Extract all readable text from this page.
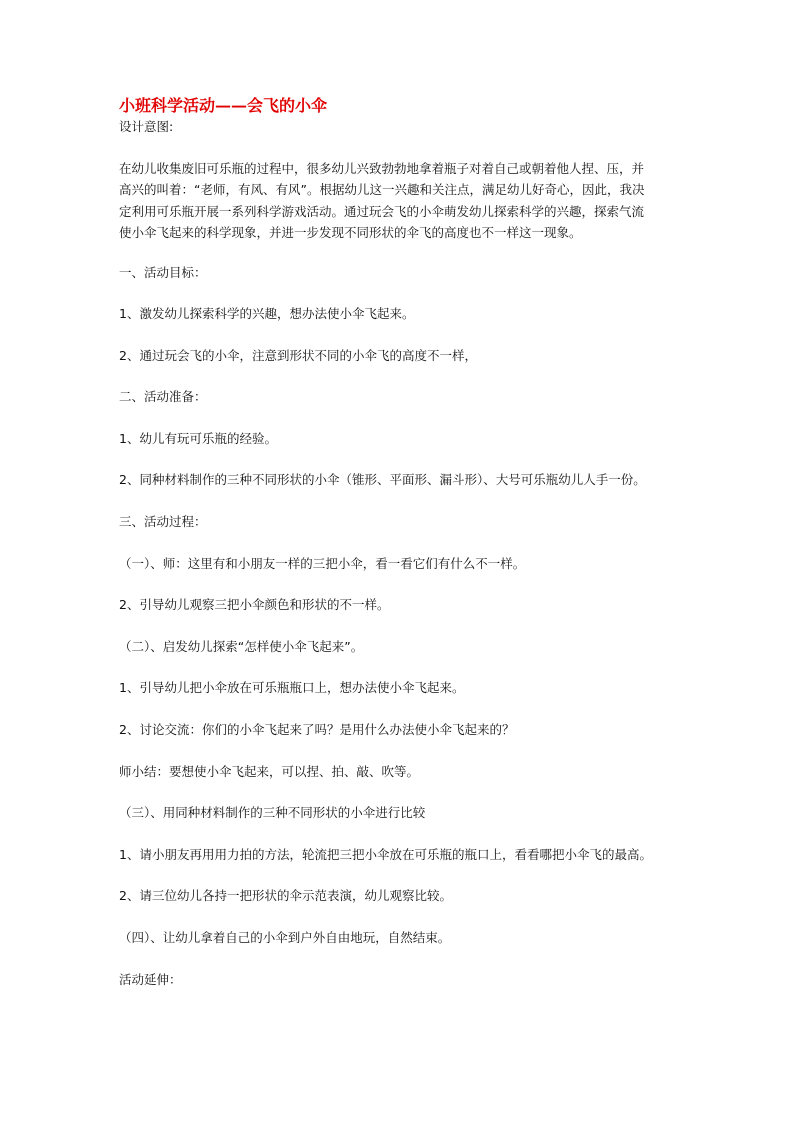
小班科学活动——会飞的小伞

设计意图:

在幼儿收集废旧可乐瓶的过程中，很多幼儿兴致勃勃地拿着瓶子对着自己或朝着他人捏、压，并

高兴的叫着：“老师，有风、有风”。根据幼儿这一兴趣和关注点，满足幼儿好奇心，因此，我决

定利用可乐瓶开展一系列科学游戏活动。通过玩会飞的小伞萌发幼儿探索科学的兴趣，探索气流

使小伞飞起来的科学现象，并进一步发现不同形状的伞飞的高度也不一样这一现象。

一、活动目标：

1、激发幼儿探索科学的兴趣，想办法使小伞飞起来。

2、通过玩会飞的小伞，注意到形状不同的小伞飞的高度不一样，

二、活动准备：

1、幼儿有玩可乐瓶的经验。

2、同种材料制作的三种不同形状的小伞（锥形、平面形、漏斗形）、大号可乐瓶幼儿人手一份。

三、活动过程：

（一）、师：这里有和小朋友一样的三把小伞，看一看它们有什么不一样。

2、引导幼儿观察三把小伞颜色和形状的不一样。

（二）、启发幼儿探索“怎样使小伞飞起来”。

1、引导幼儿把小伞放在可乐瓶瓶口上，想办法使小伞飞起来。

2、讨论交流：你们的小伞飞起来了吗？是用什么办法使小伞飞起来的？

师小结：要想使小伞飞起来，可以捏、拍、敲、吹等。

（三）、用同种材料制作的三种不同形状的小伞进行比较

1、请小朋友再用用力拍的方法，轮流把三把小伞放在可乐瓶的瓶口上，看看哪把小伞飞的最高。

2、请三位幼儿各持一把形状的伞示范表演，幼儿观察比较。

（四）、让幼儿拿着自己的小伞到户外自由地玩，自然结束。

活动延伸：
